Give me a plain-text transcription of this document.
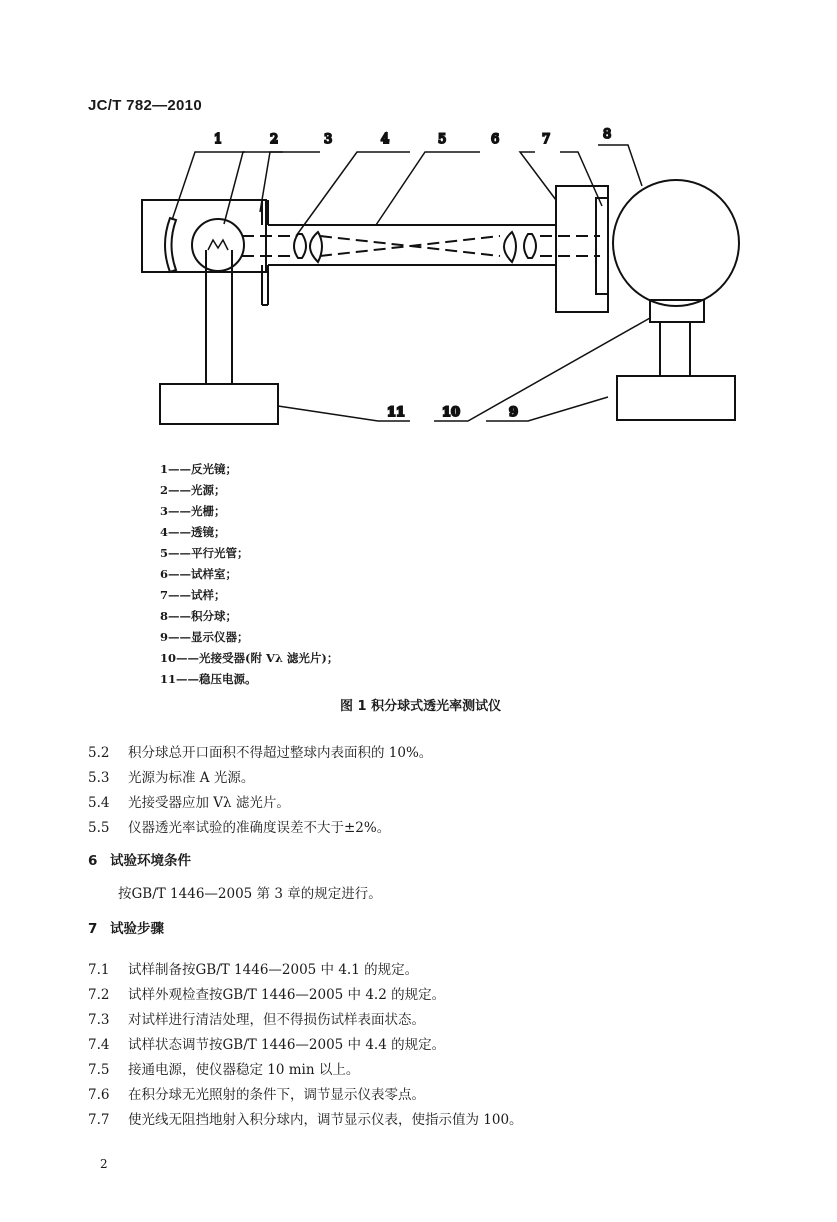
JC/T 782—2010
1	2	3	4	5	6	7	8
9
10
11
1——反光镜；
2——光源；
3——光栅；
4——透镜；
5——平行光管；
6——试样室；
7——试样；
8——积分球；
9——显示仪器；
10——光接受器(附 Vλ 滤光片)；
11——稳压电源。
图 1 积分球式透光率测试仪
5.2 积分球总开口面积不得超过整球内表面积的 10%。
5.3 光源为标准 A 光源。
5.4 光接受器应加 Vλ 滤光片。
5.5 仪器透光率试验的准确度误差不大于±2%。
6 试验环境条件
按GB/T 1446—2005 第 3 章的规定进行。
7 试验步骤
7.1 试样制备按GB/T 1446—2005 中 4.1 的规定。
7.2 试样外观检查按GB/T 1446—2005 中 4.2 的规定。
7.3 对试样进行清洁处理，但不得损伤试样表面状态。
7.4 试样状态调节按GB/T 1446—2005 中 4.4 的规定。
7.5 接通电源，使仪器稳定 10 min 以上。
7.6 在积分球无光照射的条件下，调节显示仪表零点。
7.7 使光线无阻挡地射入积分球内，调节显示仪表，使指示值为 100。
2
